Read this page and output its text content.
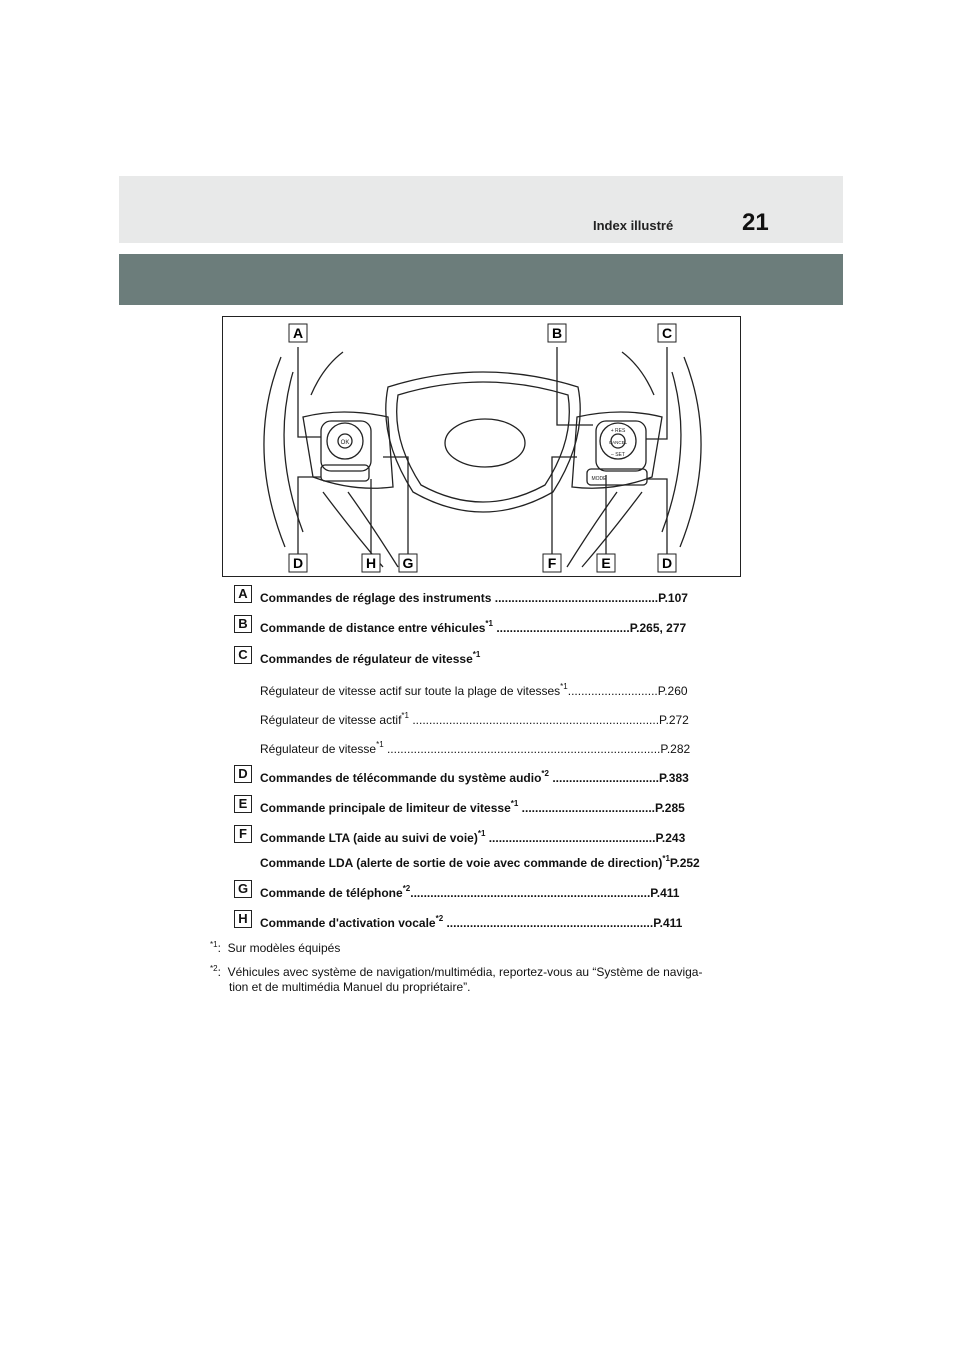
Index illustré	21
OK
+ RES
CANCEL
– SET
MODE
A	B	C
D	H G	F	E	D
A	Commandes de réglage des instruments .................................................P.107
B	Commande de distance entre véhicules$^{*1}$ ........................................P.265, 277
C	Commandes de régulateur de vitesse$^{*1}$
Régulateur de vitesse actif sur toute la plage de vitesses$^{*1}$...........................P.260
Régulateur de vitesse actif$^{*1}$ ..........................................................................P.272
Régulateur de vitesse$^{*1}$ ..................................................................................P.282
D	Commandes de télécommande du système audio$^{*2}$ ................................P.383
E	Commande principale de limiteur de vitesse$^{*1}$ ........................................P.285
F	Commande LTA (aide au suivi de voie)$^{*1}$ ..................................................P.243
Commande LDA (alerte de sortie de voie avec commande de direction)$^{*1}$P.252
G Commande de téléphone$^{*2}$........................................................................P.411
H	Commande d'activation vocale$^{*2}$ ..............................................................P.411
$^{*1}$:  Sur modèles équipés
$^{*2}$:  Véhicules avec système de navigation/multimédia, reportez-vous au “Système de naviga-
tion et de multimédia Manuel du propriétaire”.
